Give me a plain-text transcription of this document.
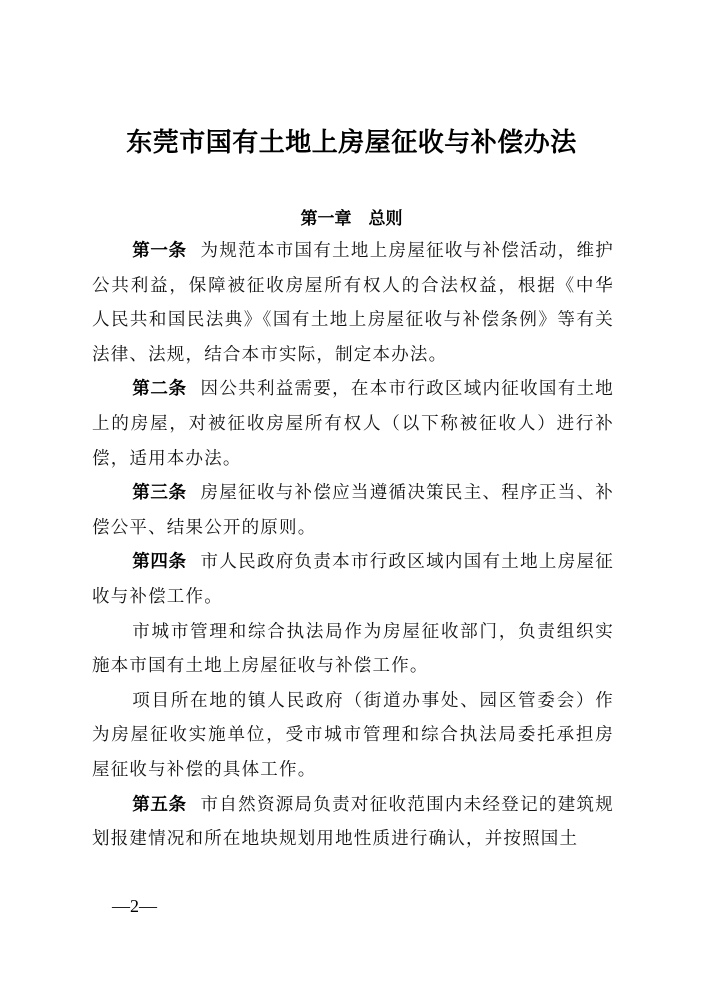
东莞市国有土地上房屋征收与补偿办法
第一章　总则

第一条 为规范本市国有土地上房屋征收与补偿活动，维护公共利益，保障被征收房屋所有权人的合法权益，根据《中华人民共和国民法典》《国有土地上房屋征收与补偿条例》等有关法律、法规，结合本市实际，制定本办法。

第二条 因公共利益需要，在本市行政区域内征收国有土地上的房屋，对被征收房屋所有权人（以下称被征收人）进行补偿，适用本办法。

第三条 房屋征收与补偿应当遵循决策民主、程序正当、补偿公平、结果公开的原则。

第四条 市人民政府负责本市行政区域内国有土地上房屋征收与补偿工作。

市城市管理和综合执法局作为房屋征收部门，负责组织实施本市国有土地上房屋征收与补偿工作。

项目所在地的镇人民政府（街道办事处、园区管委会）作为房屋征收实施单位，受市城市管理和综合执法局委托承担房屋征收与补偿的具体工作。

第五条 市自然资源局负责对征收范围内未经登记的建筑规划报建情况和所在地块规划用地性质进行确认，并按照国土

—2—
